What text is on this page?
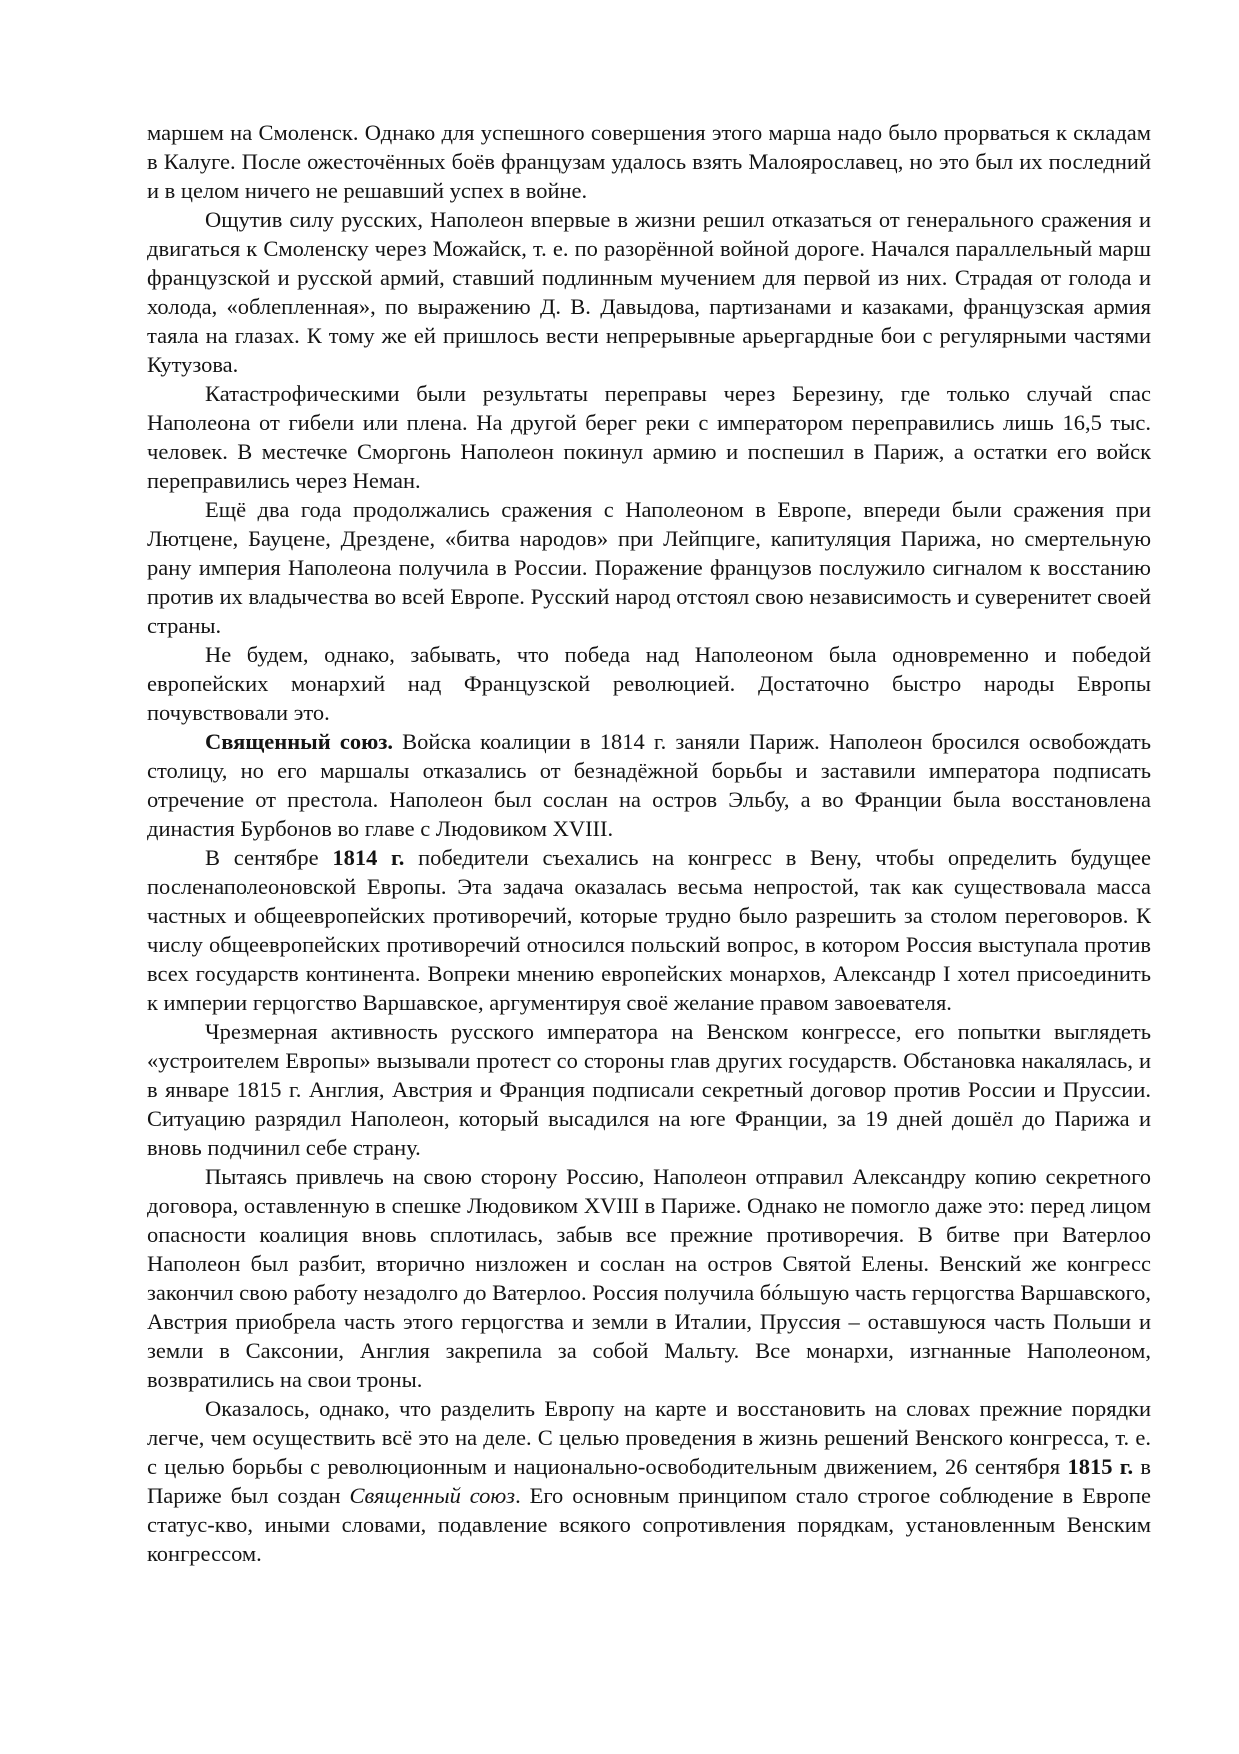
маршем на Смоленск. Однако для успешного совершения этого марша надо было прорваться к складам в Калуге. После ожесточённых боёв французам удалось взять Малоярославец, но это был их последний и в целом ничего не решавший успех в войне.

Ощутив силу русских, Наполеон впервые в жизни решил отказаться от генерального сражения и двигаться к Смоленску через Можайск, т. е. по разорённой войной дороге. Начался параллельный марш французской и русской армий, ставший подлинным мучением для первой из них. Страдая от голода и холода, «облепленная», по выражению Д. В. Давыдова, партизанами и казаками, французская армия таяла на глазах. К тому же ей пришлось вести непрерывные арьергардные бои с регулярными частями Кутузова.

Катастрофическими были результаты переправы через Березину, где только случай спас Наполеона от гибели или плена. На другой берег реки с императором переправились лишь 16,5 тыс. человек. В местечке Сморгонь Наполеон покинул армию и поспешил в Париж, а остатки его войск переправились через Неман.

Ещё два года продолжались сражения с Наполеоном в Европе, впереди были сражения при Лютцене, Бауцене, Дрездене, «битва народов» при Лейпциге, капитуляция Парижа, но смертельную рану империя Наполеона получила в России. Поражение французов послужило сигналом к восстанию против их владычества во всей Европе. Русский народ отстоял свою независимость и суверенитет своей страны.

Не будем, однако, забывать, что победа над Наполеоном была одновременно и победой европейских монархий над Французской революцией. Достаточно быстро народы Европы почувствовали это.

Священный союз. Войска коалиции в 1814 г. заняли Париж. Наполеон бросился освобождать столицу, но его маршалы отказались от безнадёжной борьбы и заставили императора подписать отречение от престола. Наполеон был сослан на остров Эльбу, а во Франции была восстановлена династия Бурбонов во главе с Людовиком XVIII.

В сентябре 1814 г. победители съехались на конгресс в Вену, чтобы определить будущее посленаполеоновской Европы. Эта задача оказалась весьма непростой, так как существовала масса частных и общеевропейских противоречий, которые трудно было разрешить за столом переговоров. К числу общеевропейских противоречий относился польский вопрос, в котором Россия выступала против всех государств континента. Вопреки мнению европейских монархов, Александр I хотел присоединить к империи герцогство Варшавское, аргументируя своё желание правом завоевателя.

Чрезмерная активность русского императора на Венском конгрессе, его попытки выглядеть «устроителем Европы» вызывали протест со стороны глав других государств. Обстановка накалялась, и в январе 1815 г. Англия, Австрия и Франция подписали секретный договор против России и Пруссии. Ситуацию разрядил Наполеон, который высадился на юге Франции, за 19 дней дошёл до Парижа и вновь подчинил себе страну.

Пытаясь привлечь на свою сторону Россию, Наполеон отправил Александру копию секретного договора, оставленную в спешке Людовиком XVIII в Париже. Однако не помогло даже это: перед лицом опасности коалиция вновь сплотилась, забыв все прежние противоречия. В битве при Ватерлоо Наполеон был разбит, вторично низложен и сослан на остров Святой Елены. Венский же конгресс закончил свою работу незадолго до Ватерлоо. Россия получила бóльшую часть герцогства Варшавского, Австрия приобрела часть этого герцогства и земли в Италии, Пруссия – оставшуюся часть Польши и земли в Саксонии, Англия закрепила за собой Мальту. Все монархи, изгнанные Наполеоном, возвратились на свои троны.

Оказалось, однако, что разделить Европу на карте и восстановить на словах прежние порядки легче, чем осуществить всё это на деле. С целью проведения в жизнь решений Венского конгресса, т. е. с целью борьбы с революционным и национально-освободительным движением, 26 сентября 1815 г. в Париже был создан Священный союз. Его основным принципом стало строгое соблюдение в Европе статус-кво, иными словами, подавление всякого сопротивления порядкам, установленным Венским конгрессом.
